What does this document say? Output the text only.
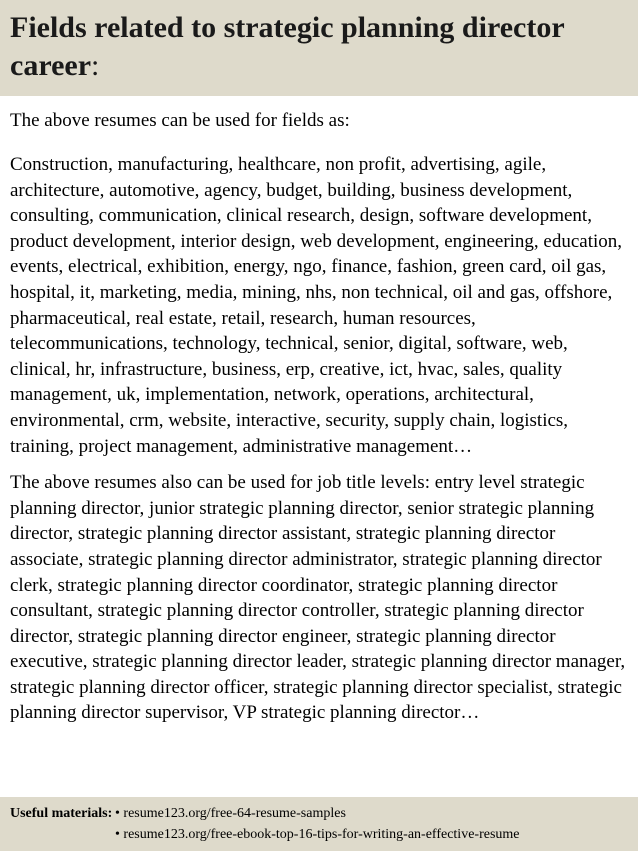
Fields related to strategic planning director career:

The above resumes can be used for fields as:

Construction, manufacturing, healthcare, non profit, advertising, agile, architecture, automotive, agency, budget, building, business development, consulting, communication, clinical research, design, software development, product development, interior design, web development, engineering, education, events, electrical, exhibition, energy, ngo, finance, fashion, green card, oil gas, hospital, it, marketing, media, mining, nhs, non technical, oil and gas, offshore, pharmaceutical, real estate, retail, research, human resources, telecommunications, technology, technical, senior, digital, software, web, clinical, hr, infrastructure, business, erp, creative, ict, hvac, sales, quality management, uk, implementation, network, operations, architectural, environmental, crm, website, interactive, security, supply chain, logistics, training, project management, administrative management…

The above resumes also can be used for job title levels: entry level strategic planning director, junior strategic planning director, senior strategic planning director, strategic planning director assistant, strategic planning director associate, strategic planning director administrator, strategic planning director clerk, strategic planning director coordinator, strategic planning director consultant, strategic planning director controller, strategic planning director director, strategic planning director engineer, strategic planning director executive, strategic planning director leader, strategic planning director manager, strategic planning director officer, strategic planning director specialist, strategic planning director supervisor, VP strategic planning director…

Useful materials: • resume123.org/free-64-resume-samples
• resume123.org/free-ebook-top-16-tips-for-writing-an-effective-resume
